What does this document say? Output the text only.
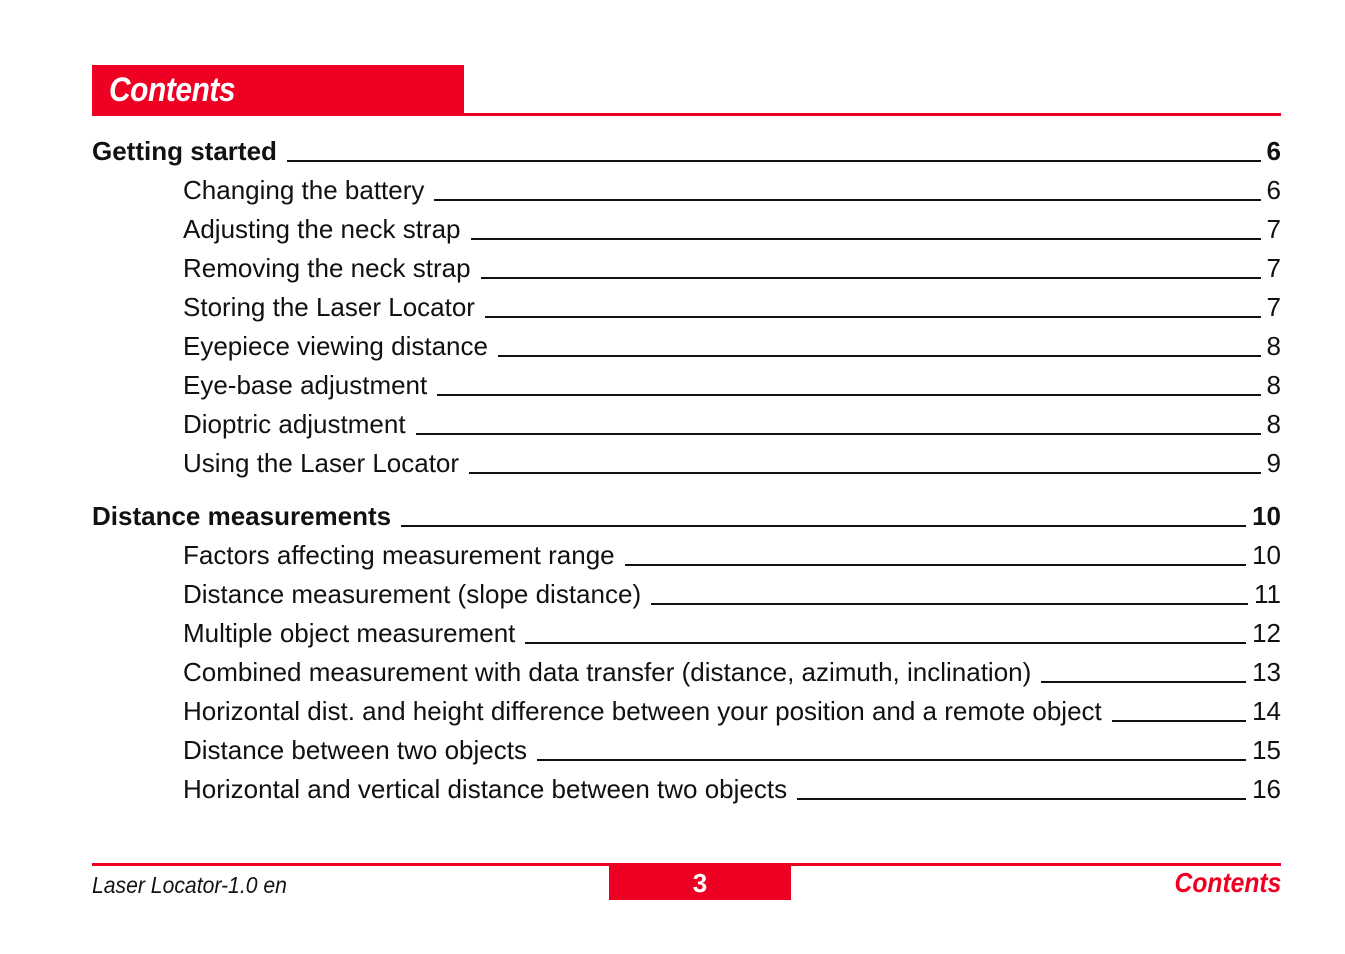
Contents
Getting started	6
Changing the battery	6
Adjusting the neck strap	7
Removing the neck strap	7
Storing the Laser Locator	7
Eyepiece viewing distance	8
Eye-base adjustment	8
Dioptric adjustment	8
Using the Laser Locator	9
Distance measurements	10
Factors affecting measurement range	10
Distance measurement (slope distance)	11
Multiple object measurement	12
Combined measurement with data transfer (distance, azimuth, inclination)	13
Horizontal dist. and height difference between your position and a remote object	14
Distance between two objects	15
Horizontal and vertical distance between two objects	16
Laser Locator-1.0 en	3	Contents
